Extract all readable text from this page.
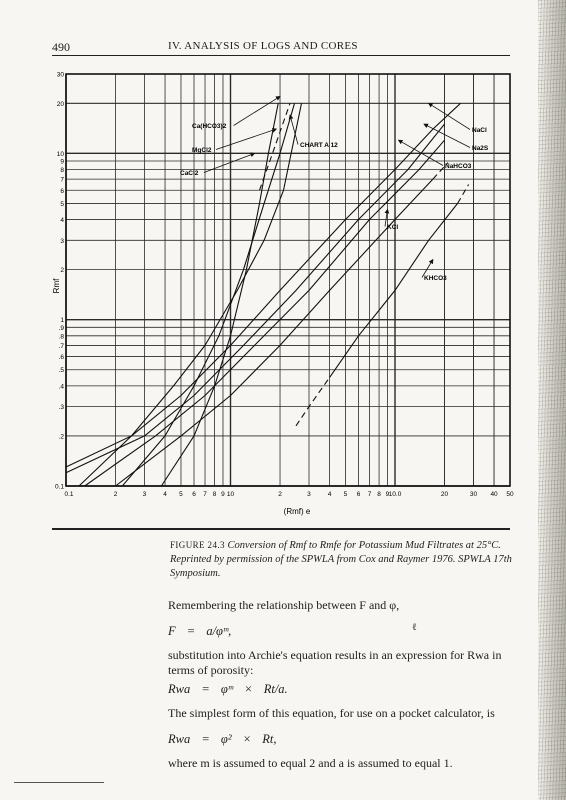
490	IV. ANALYSIS OF LOGS AND CORES
30
20
10
9
8
7
6
5
4
3
2
1
.9
.8
.7
.6
.5
.4
.3
.2
0.1
0.1	2	3	4 5 6 7 8 9 10	2	3	4 5 6 7 8 9 10.0	20	30 40 50
Ca(HCO3)2
MgCl2
CaCl2
CHART A 12
NaCl
Na2S
NaHCO3
KCl
KHCO3
(Rmf) e
Rmf

FIGURE 24.3 Conversion of Rmf to Rmfe for Potassium Mud Filtrates at 25°C. Reprinted by permission of the SPWLA from Cox and Raymer 1976. SPWLA 17th Symposium.

Remembering the relationship between F and φ,

ℓ

F = a/φᵐ,

substitution into Archie's equation results in an expression for Rwa in terms of porosity:

Rwa = φᵐ × Rt/a.

The simplest form of this equation, for use on a pocket calculator, is

Rwa = φ² × Rt,

where m is assumed to equal 2 and a is assumed to equal 1.
